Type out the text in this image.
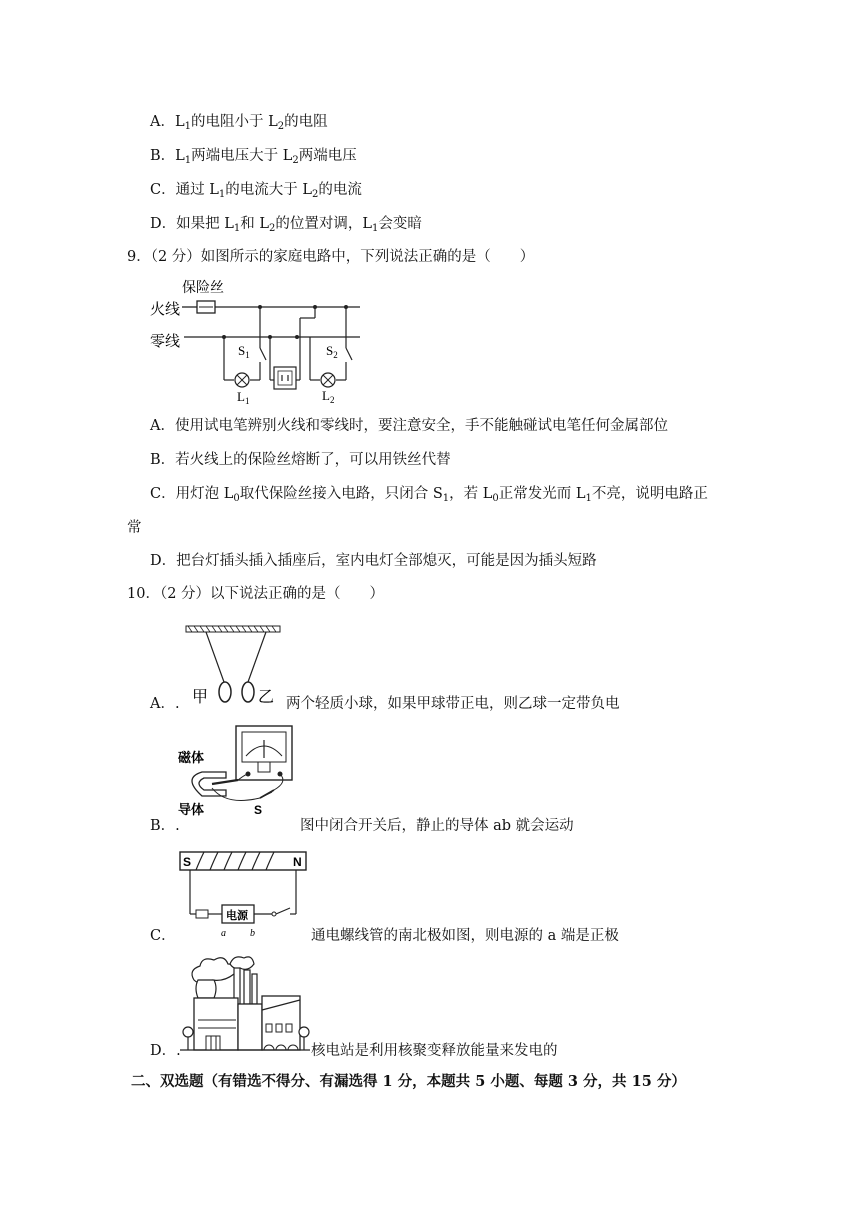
A．$L_1$的电阻小于 $L_2$的电阻
B．$L_1$两端电压大于 $L_2$两端电压
C．通过 $L_1$的电流大于 $L_2$的电流
D．如果把 $L_1$和 $L_2$的位置对调，$L_1$会变暗
9．（2 分）如图所示的家庭电路中，下列说法正确的是（　　）
保险丝
火线
零线
$S_1$
$L_1$
$S_2$
$L_2$
A．使用试电笔辨别火线和零线时，要注意安全，手不能触碰试电笔任何金属部位
B．若火线上的保险丝熔断了，可以用铁丝代替
C．用灯泡 $L_0$取代保险丝接入电路，只闭合 $S_1$，若 $L_0$正常发光而 $L_1$不亮，说明电路正
常
D．把台灯插头插入插座后，室内电灯全部熄灭，可能是因为插头短路
10．（2 分）以下说法正确的是（　　）
甲	乙
A．.	两个轻质小球，如果甲球带正电，则乙球一定带负电
磁体
导体	S
B．.	图中闭合开关后，静止的导体 ab 就会运动
S	N
电源
a b
C．	通电螺线管的南北极如图，则电源的 a 端是正极
D．.	核电站是利用核聚变释放能量来发电的
二、双选题（有错选不得分、有漏选得 1 分，本题共 5 小题、每题 3 分，共 15 分）
